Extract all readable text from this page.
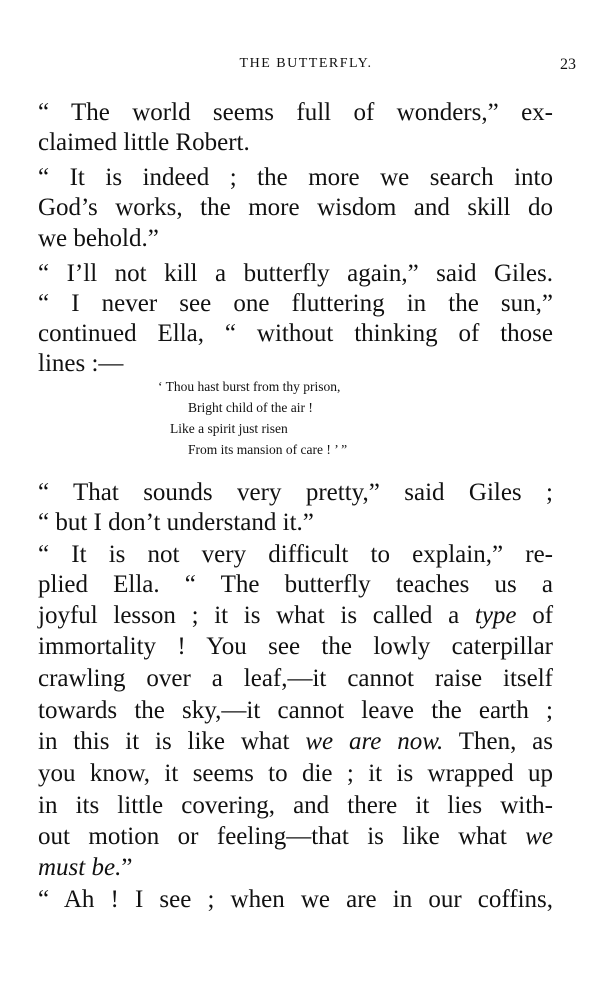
THE BUTTERFLY.	23
“ The world seems full of wonders,” ex-
claimed little Robert.
“ It is indeed ; the more we search into
God’s works, the more wisdom and skill do
we behold.”
“ I’ll not kill a butterfly again,” said Giles.
“ I never see one fluttering in the sun,”
continued Ella, “ without thinking of those
lines :—
‘ Thou hast burst from thy prison,
Bright child of the air !
Like a spirit just risen
From its mansion of care ! ’ ”
“ That sounds very pretty,” said Giles ;
“ but I don’t understand it.”
“ It is not very difficult to explain,” re-
plied Ella. “ The butterfly teaches us a
joyful lesson ; it is what is called a type of
immortality ! You see the lowly caterpillar
crawling over a leaf,—it cannot raise itself
towards the sky,—it cannot leave the earth ;
in this it is like what we are now. Then, as
you know, it seems to die ; it is wrapped up
in its little covering, and there it lies with-
out motion or feeling—that is like what we
must be.”
“ Ah ! I see ; when we are in our coffins,
